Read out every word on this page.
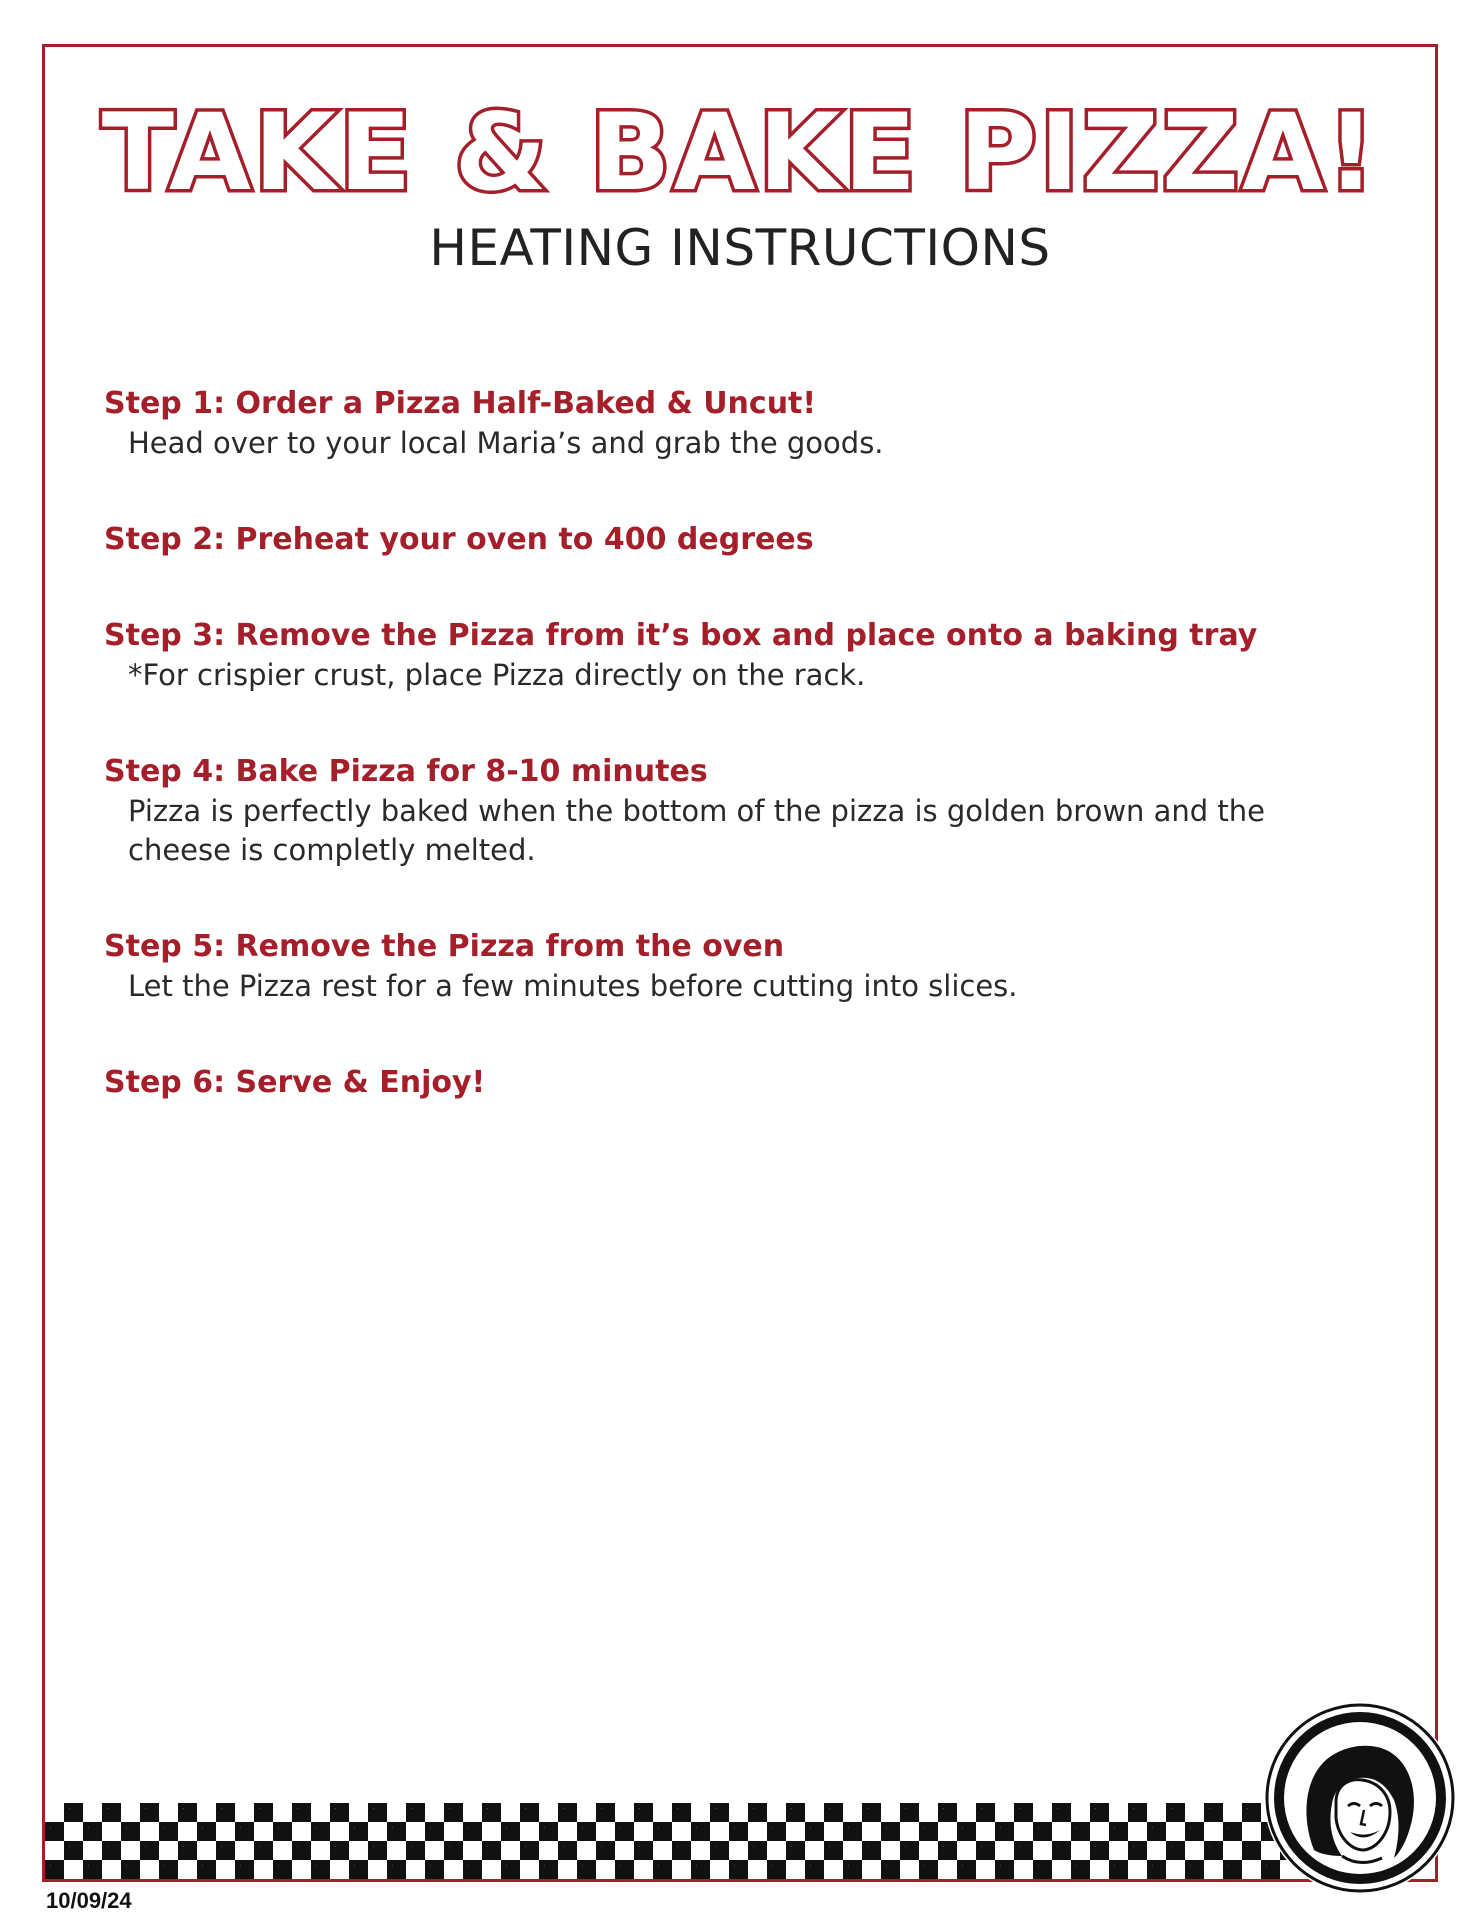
TAKE & BAKE PIZZA!
HEATING INSTRUCTIONS

Step 1: Order a Pizza Half-Baked & Uncut!

Head over to your local Maria’s and grab the goods.

Step 2: Preheat your oven to 400 degrees

Step 3: Remove the Pizza from it’s box and place onto a baking tray

*For crispier crust, place Pizza directly on the rack.

Step 4: Bake Pizza for 8-10 minutes

Pizza is perfectly baked when the bottom of the pizza is golden brown and the cheese is completly melted.

Step 5: Remove the Pizza from the oven

Let the Pizza rest for a few minutes before cutting into slices.

Step 6: Serve & Enjoy!

10/09/24
